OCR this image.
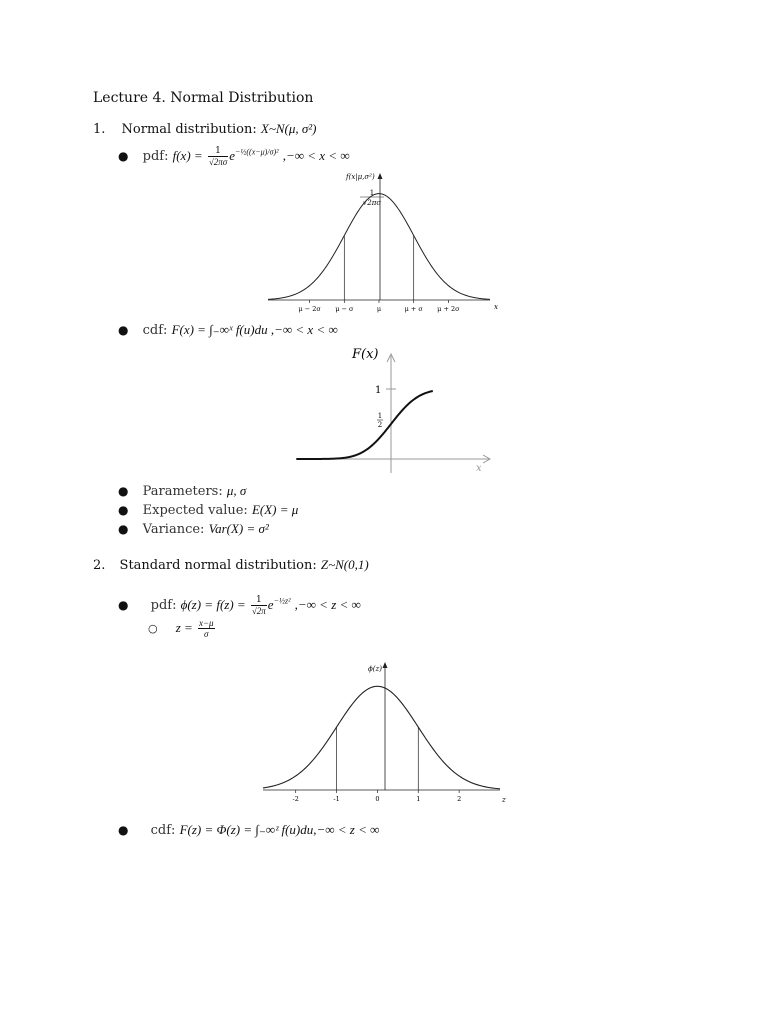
Lecture 4. Normal Distribution
1. Normal distribution: X~N(μ, σ²)
● pdf: $f(x) = \frac{1}{√2\pi\sigma} e^{-\frac{1}{2}((x-\mu)/\sigma)^2}$ ,−∞ < x < ∞
f(x|μ,σ²)
1
√2πσ
x
μ − 2σ μ − σ	μ	μ + σ μ + 2σ
● cdf: F(x) = ∫₋∞ˣ f(u)du ,−∞ < x < ∞
F(x)
x
1
1
2
● Parameters: μ, σ
● Expected value: E(X) = μ
● Variance: Var(X) = σ²
2. Standard normal distribution: Z~N(0,1)
● pdf: $\phi(z) = f(z) = \frac{1}{√2\pi} e^{-\frac{1}{2}z^2}$ ,−∞ < z < ∞
○ $z = \frac{x-\mu}{\sigma}$
ϕ(z)
z
-2	-1	0	1	2
● cdf: F(z) = Φ(z) = ∫₋∞ᶻ f(u)du,−∞ < z < ∞
